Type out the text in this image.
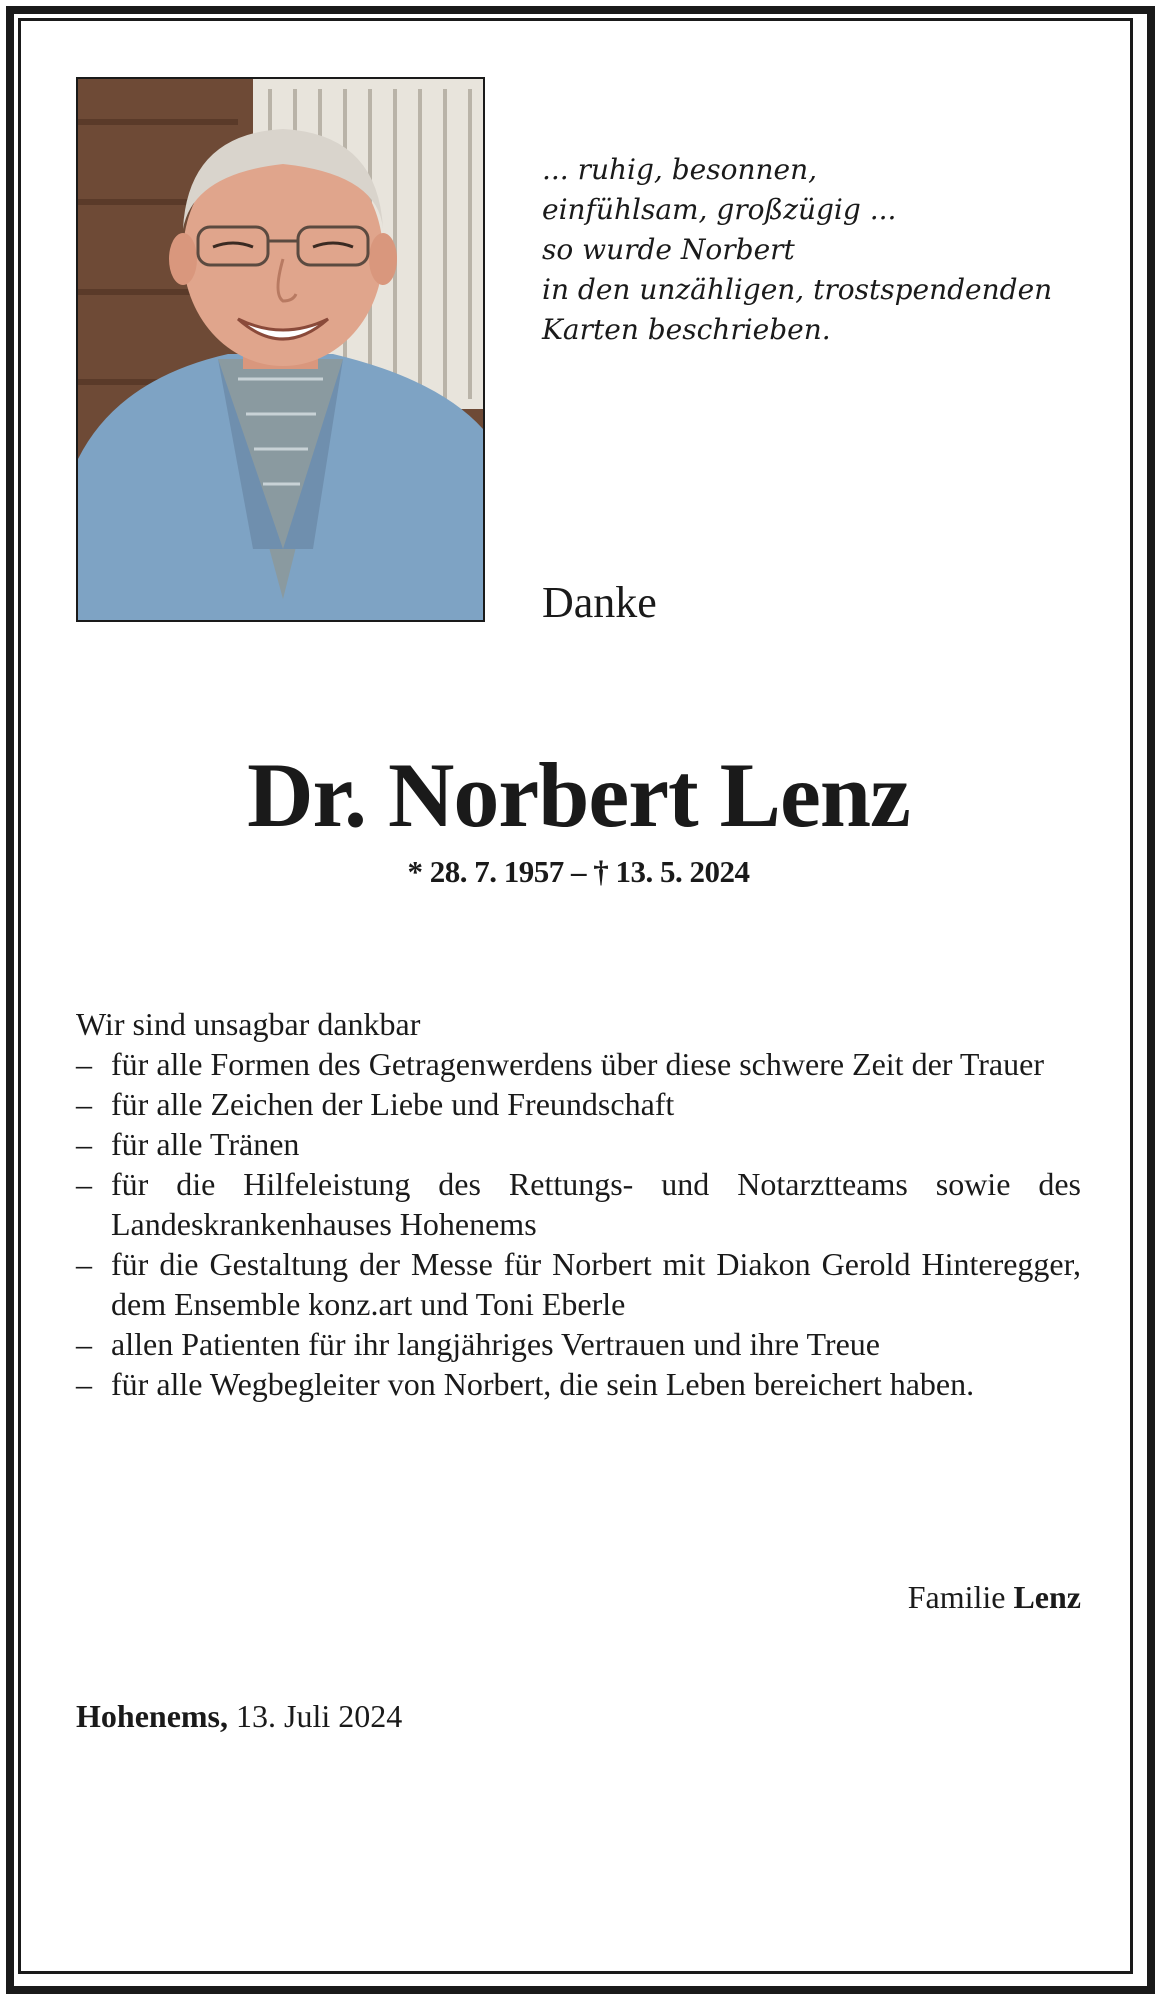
... ruhig, besonnen,
einfühlsam, großzügig ...
so wurde Norbert
in den unzähligen, trostspendenden
Karten beschrieben.
Danke
Dr. Norbert Lenz
* 28. 7. 1957 – † 13. 5. 2024
Wir sind unsagbar dankbar
– für alle Formen des Getragenwerdens über diese schwere Zeit der Trauer
– für alle Zeichen der Liebe und Freundschaft
– für alle Tränen
– für die Hilfeleistung des Rettungs- und Notarztteams sowie des Landeskrankenhauses Hohenems
– für die Gestaltung der Messe für Norbert mit Diakon Gerold Hinteregger, dem Ensemble konz.art und Toni Eberle
– allen Patienten für ihr langjähriges Vertrauen und ihre Treue
– für alle Wegbegleiter von Norbert, die sein Leben bereichert haben.
Familie Lenz
Hohenems, 13. Juli 2024
